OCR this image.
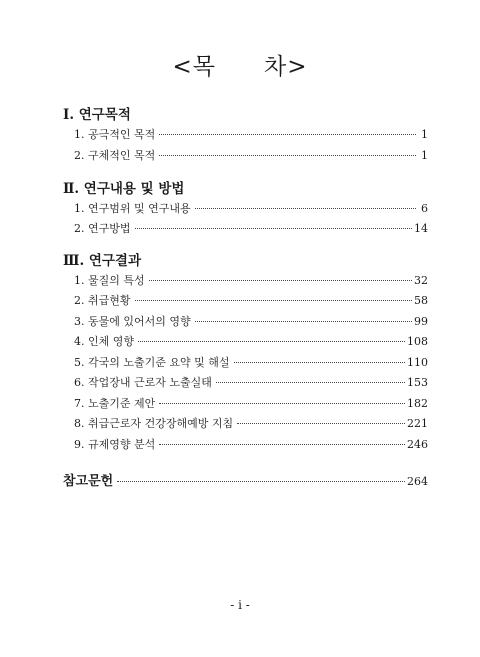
<목　　차>
Ⅰ. 연구목적
1. 공극적인 목적	1
2. 구체적인 목적	1
Ⅱ. 연구내용 및 방법
1. 연구범위 및 연구내용	6
2. 연구방법	14
Ⅲ. 연구결과
1. 물질의 특성	32
2. 취급현황	58
3. 동물에 있어서의 영향	99
4. 인체 영향	108
5. 각국의 노출기준 요약 및 해설	110
6. 작업장내 근로자 노출실태	153
7. 노출기준 제안	182
8. 취급근로자 건강장해예방 지침	221
9. 규제영향 분석	246
참고문헌	264
- i -
